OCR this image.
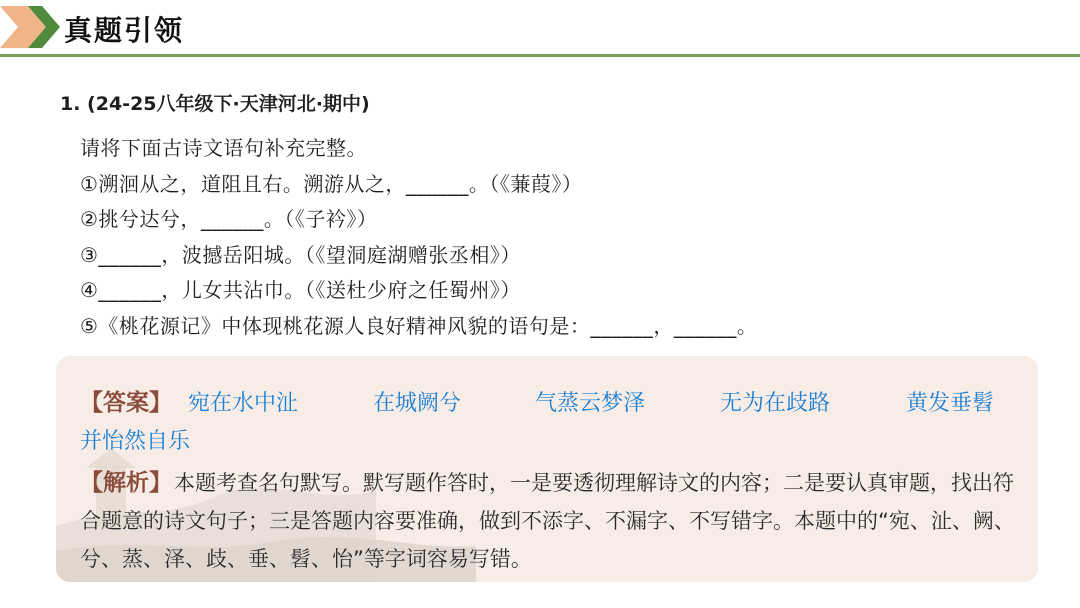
真题引领
1. (24-25八年级下·天津河北·期中)
请将下面古诗文语句补充完整。
①溯洄从之，道阻且右。溯游从之，______。（《蒹葭》）
②挑兮达兮，______。（《子衿》）
③______，波撼岳阳城。（《望洞庭湖赠张丞相》）
④______，儿女共沾巾。（《送杜少府之任蜀州》）
⑤《桃花源记》中体现桃花源人良好精神风貌的语句是：______，______。
【答案】 宛在水中沚	在城阙兮	气蒸云梦泽	无为在歧路	黄发垂髫
并怡然自乐
【解析】本题考查名句默写。默写题作答时，一是要透彻理解诗文的内容；二是要认真审题，找出符合题意的诗文句子；三是答题内容要准确，做到不添字、不漏字、不写错字。本题中的“宛、沚、阙、兮、蒸、泽、歧、垂、髫、怡”等字词容易写错。
